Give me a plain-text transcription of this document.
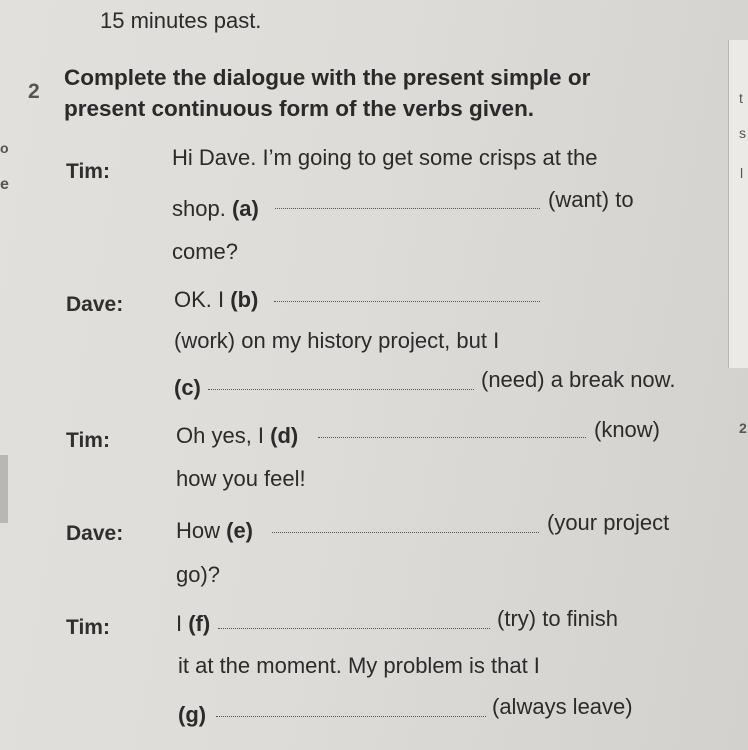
15 minutes past.
2
Complete the dialogue with the present simple or
present continuous form of the verbs given.
Tim:
Hi Dave. I’m going to get some crisps at the
shop. (a)	(want) to
come?
Dave: OK. I (b)
(work) on my history project, but I
(c)	(need) a break now.
Tim:	Oh yes, I (d)	(know)
how you feel!
Dave: How (e)	(your project
go)?
Tim:	I (f)	(try) to finish
it at the moment. My problem is that I
(g)	(always leave)
t
s
l
2
o
e
